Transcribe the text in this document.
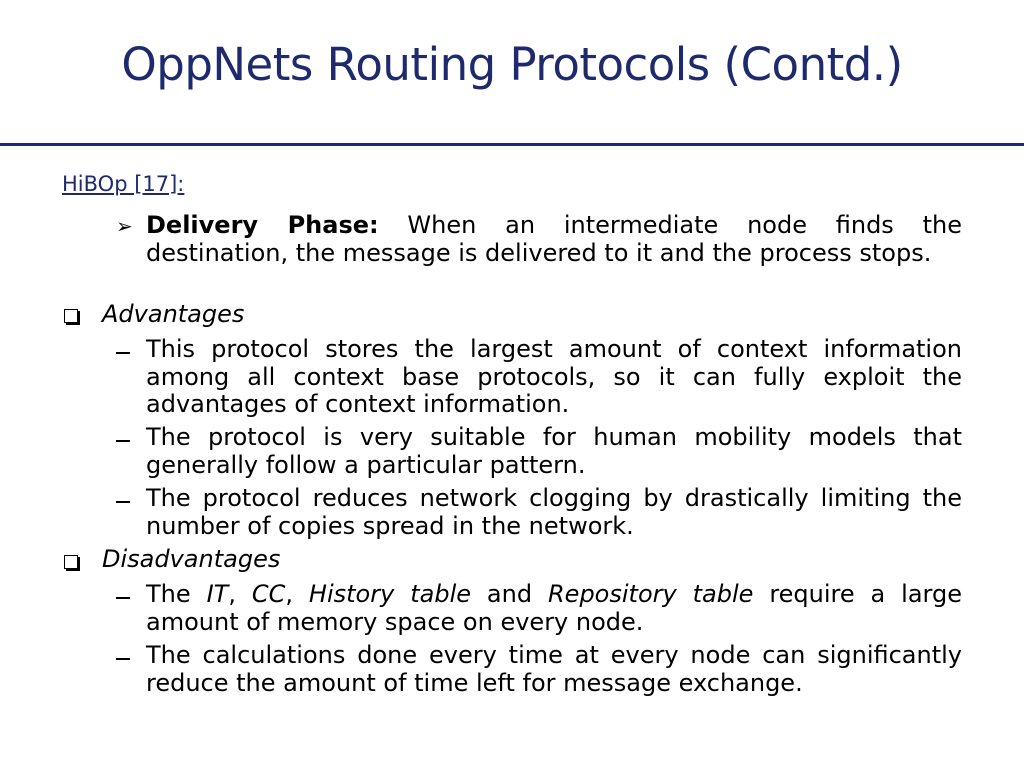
OppNets Routing Protocols (Contd.)
HiBOp [17]:
➢ Delivery Phase: When an intermediate node finds the destination, the message is delivered to it and the process stops.
Advantages
This protocol stores the largest amount of context information among all context base protocols, so it can fully exploit the advantages of context information.
The protocol is very suitable for human mobility models that generally follow a particular pattern.
The protocol reduces network clogging by drastically limiting the number of copies spread in the network.
Disadvantages
The IT, CC, History table and Repository table require a large amount of memory space on every node.
The calculations done every time at every node can significantly reduce the amount of time left for message exchange.
